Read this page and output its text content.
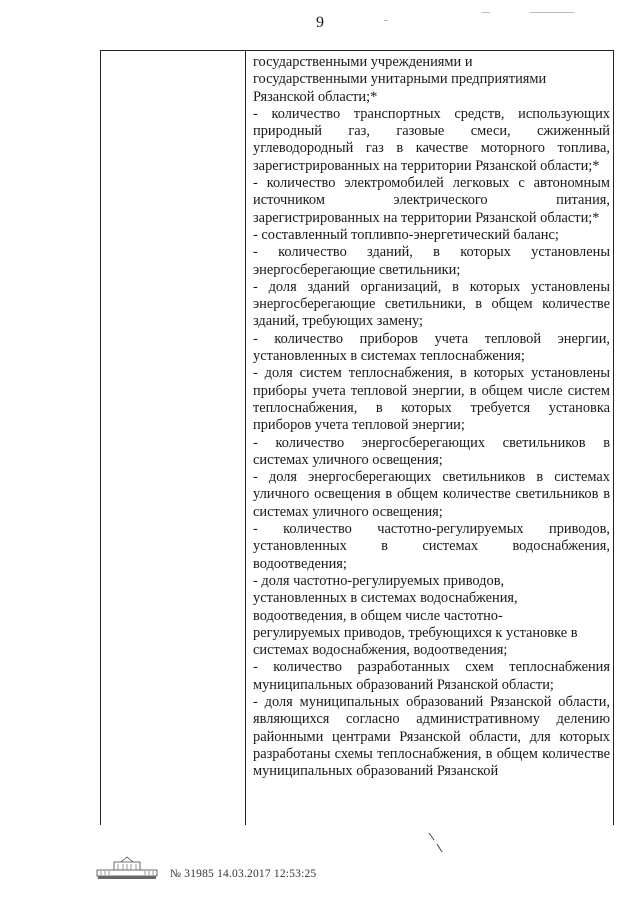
9

государственными учреждениями и

государственными унитарными предприятиями

Рязанской области;*

- количество транспортных средств, использующих природный газ, газовые смеси, сжиженный углеводородный газ в качестве моторного топлива, зарегистрированных на территории Рязанской области;*

- количество электромобилей легковых с автономным источником электрического питания, зарегистрированных на территории Рязанской области;*

- составленный топливпо-энергетический баланс;

- количество зданий, в которых установлены энергосберегающие светильники;

- доля зданий организаций, в которых установлены энергосберегающие светильники, в общем количестве зданий, требующих замену;

- количество приборов учета тепловой энергии, установленных в системах теплоснабжения;

- доля систем теплоснабжения, в которых установлены приборы учета тепловой энергии, в общем числе систем теплоснабжения, в которых требуется установка приборов учета тепловой энергии;

- количество энергосберегающих светильников в системах уличного освещения;

- доля энергосберегающих светильников в системах уличного освещения в общем количестве светильников в системах уличного освещения;

- количество частотно-регулируемых приводов, установленных в системах водоснабжения, водоотведения;

- доля частотно-регулируемых приводов,

установленных в системах водоснабжения,

водоотведения, в общем числе частотно-

регулируемых приводов, требующихся к установке в

системах водоснабжения, водоотведения;

- количество разработанных схем теплоснабжения муниципальных образований Рязанской области;

- доля муниципальных образований Рязанской области, являющихся согласно административному делению районными центрами Рязанской области, для которых разработаны схемы теплоснабжения, в общем количестве муниципальных образований Рязанской

№ 31985 14.03.2017 12:53:25
